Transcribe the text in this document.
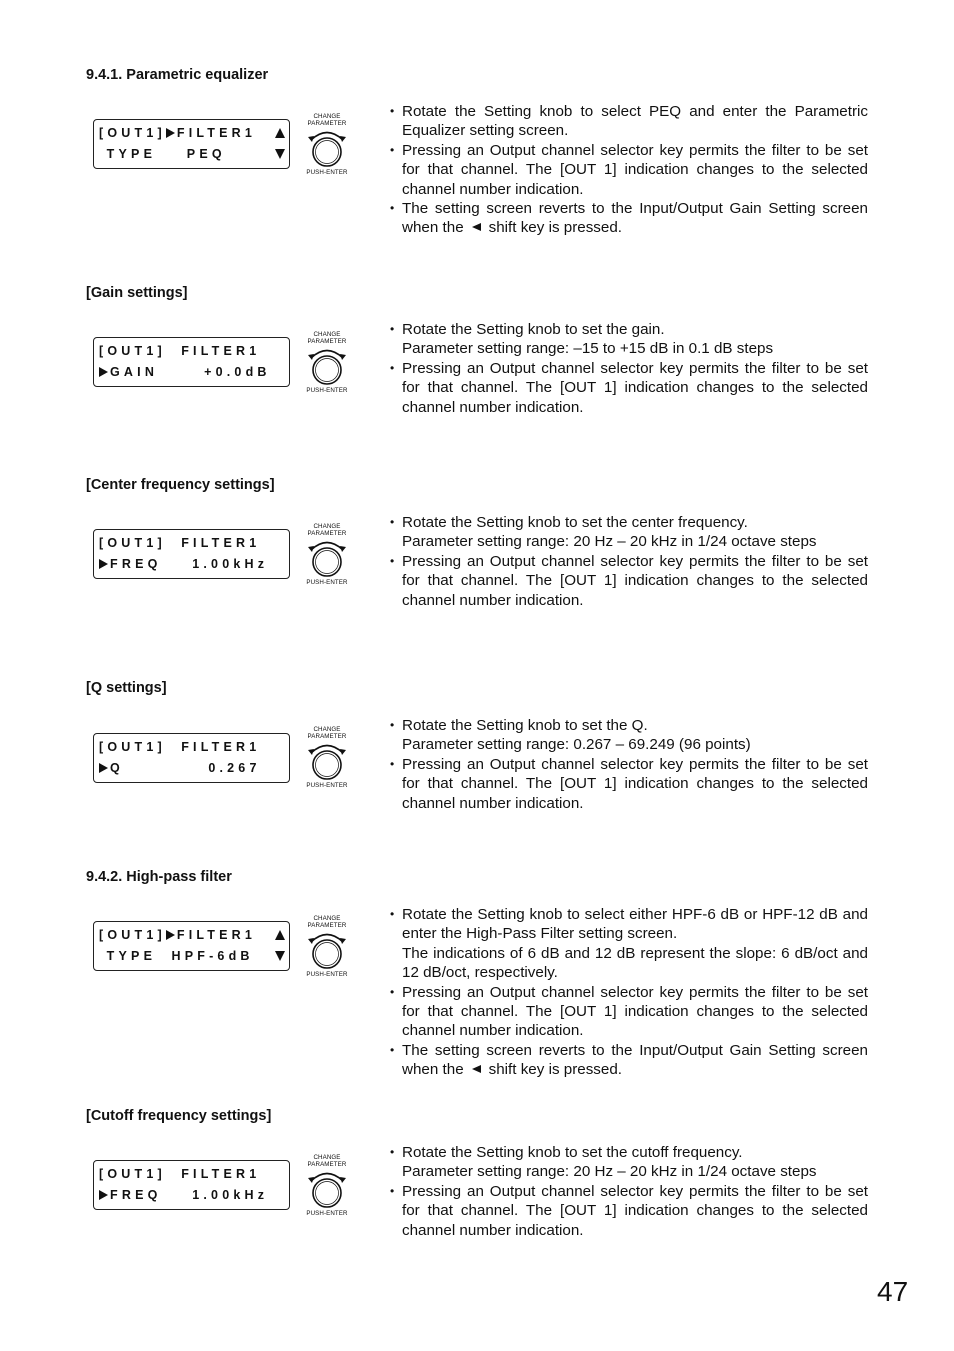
9.4.1. Parametric equalizer

[OUT1] FILTER1

TYPE    PEQ

CHANGE
PARAMETER
PUSH-ENTER
• Rotate the Setting knob to select PEQ and enter the Parametric Equalizer setting screen.
• Pressing an Output channel selector key permits the filter to be set for that channel. The [OUT 1] indication changes to the selected channel number indication.
• The setting screen reverts to the Input/Output Gain Setting screen when the shift key is pressed.
[Gain settings]

[OUT1]  FILTER1

GAIN      +0.0dB

CHANGE
PARAMETER
PUSH-ENTER
• Rotate the Setting knob to set the gain.
Parameter setting range: –15 to +15 dB in 0.1 dB steps
• Pressing an Output channel selector key permits the filter to be set for that channel. The [OUT 1] indication changes to the selected channel number indication.
[Center frequency settings]

[OUT1]  FILTER1

FREQ    1.00kHz

CHANGE
PARAMETER
PUSH-ENTER
• Rotate the Setting knob to set the center frequency.
Parameter setting range: 20 Hz – 20 kHz in 1/24 octave steps
• Pressing an Output channel selector key permits the filter to be set for that channel. The [OUT 1] indication changes to the selected channel number indication.
[Q settings]

[OUT1]  FILTER1

Q           0.267

CHANGE
PARAMETER
PUSH-ENTER
• Rotate the Setting knob to set the Q.
Parameter setting range: 0.267 – 69.249 (96 points)
• Pressing an Output channel selector key permits the filter to be set for that channel. The [OUT 1] indication changes to the selected channel number indication.
9.4.2. High-pass filter

[OUT1] FILTER1

TYPE  HPF-6dB

CHANGE
PARAMETER
PUSH-ENTER
• Rotate the Setting knob to select either HPF-6 dB or HPF-12 dB and enter the High-Pass Filter setting screen.
The indications of 6 dB and 12 dB represent the slope: 6 dB/oct and 12 dB/oct, respectively.
• Pressing an Output channel selector key permits the filter to be set for that channel. The [OUT 1] indication changes to the selected channel number indication.
• The setting screen reverts to the Input/Output Gain Setting screen when the shift key is pressed.
[Cutoff frequency settings]

[OUT1]  FILTER1

FREQ    1.00kHz

CHANGE
PARAMETER
PUSH-ENTER
• Rotate the Setting knob to set the cutoff frequency.
Parameter setting range: 20 Hz – 20 kHz in 1/24 octave steps
• Pressing an Output channel selector key permits the filter to be set for that channel. The [OUT 1] indication changes to the selected channel number indication.

47
